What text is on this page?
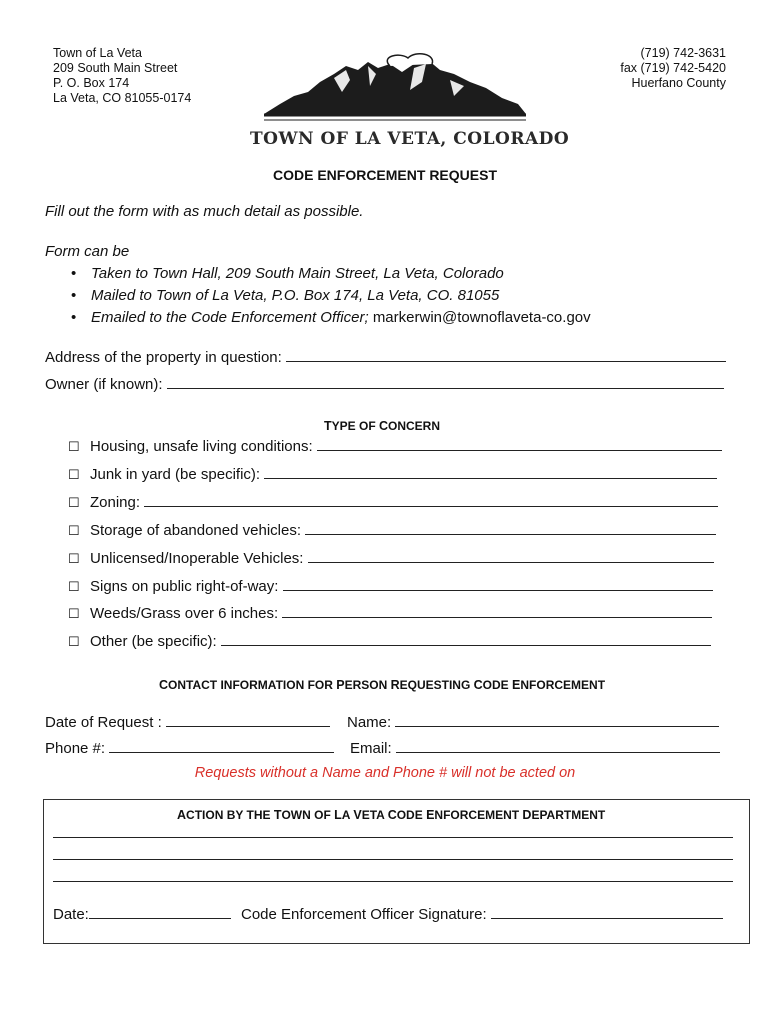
Town of La Veta
209 South Main Street
P. O. Box 174
La Veta, CO 81055-0174
(719) 742-3631
fax (719) 742-5420
Huerfano County
TOWN OF LA VETA, COLORADO
CODE ENFORCEMENT REQUEST
Fill out the form with as much detail as possible.
Form can be
• Taken to Town Hall, 209 South Main Street, La Veta, Colorado
• Mailed to Town of La Veta, P.O. Box 174, La Veta, CO. 81055
• Emailed to the Code Enforcement Officer; markerwin@townoflaveta-co.gov
Address of the property in question:
Owner (if known):
TYPE OF CONCERN
☐ Housing, unsafe living conditions:
☐ Junk in yard (be specific):
☐ Zoning:
☐ Storage of abandoned vehicles:
☐ Unlicensed/Inoperable Vehicles:
☐ Signs on public right-of-way:
☐ Weeds/Grass over 6 inches:
☐ Other (be specific):
CONTACT INFORMATION FOR PERSON REQUESTING CODE ENFORCEMENT
Date of Request :	Name:
Phone #:	Email:
Requests without a Name and Phone # will not be acted on
ACTION BY THE TOWN OF LA VETA CODE ENFORCEMENT DEPARTMENT
Date:	Code Enforcement Officer Signature:
